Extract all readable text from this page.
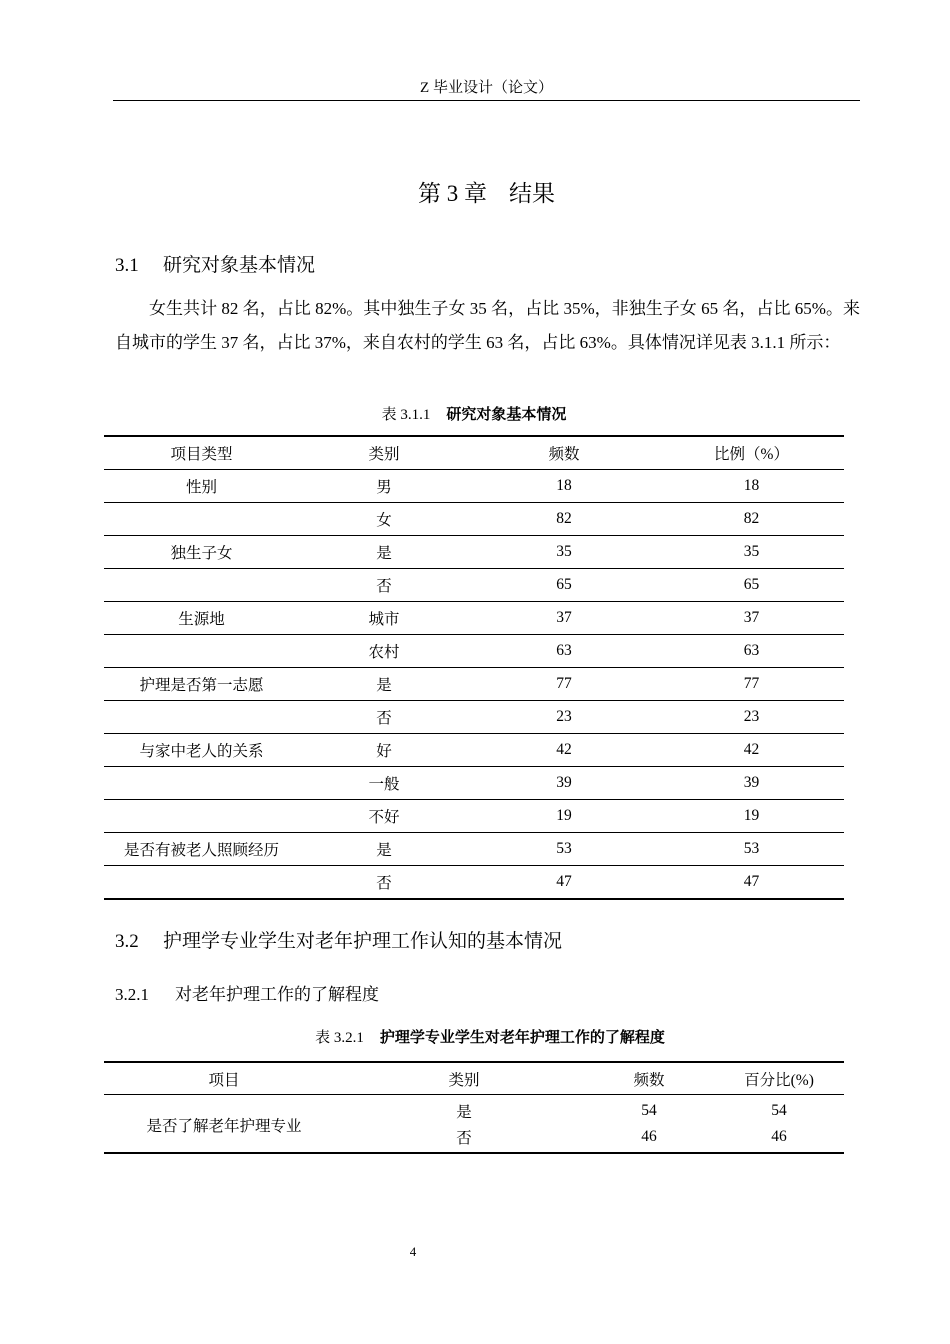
Z 毕业设计（论文）
第 3 章 结果
3.1 研究对象基本情况
女生共计 82 名，占比 82%。其中独生子女 35 名，占比 35%，非独生子女 65 名，占比 65%。来自城市的学生 37 名，占比 37%，来自农村的学生 63 名，占比 63%。具体情况详见表 3.1.1 所示：
表 3.1.1 研究对象基本情况
项目类型	类别	频数	比例（%）
性别	男	18	18
	女	82	82
独生子女	是	35	35
	否	65	65
生源地	城市	37	37
	农村	63	63
护理是否第一志愿	是	77	77
	否	23	23
与家中老人的关系	好	42	42
	一般	39	39
	不好	19	19
是否有被老人照顾经历	是	53	53
	否	47	47
3.2 护理学专业学生对老年护理工作认知的基本情况
3.2.1 对老年护理工作的了解程度
表 3.2.1 护理学专业学生对老年护理工作的了解程度
项目	类别	频数	百分比(%)
是否了解老年护理专业	是	54	54
	否	46	46
4
